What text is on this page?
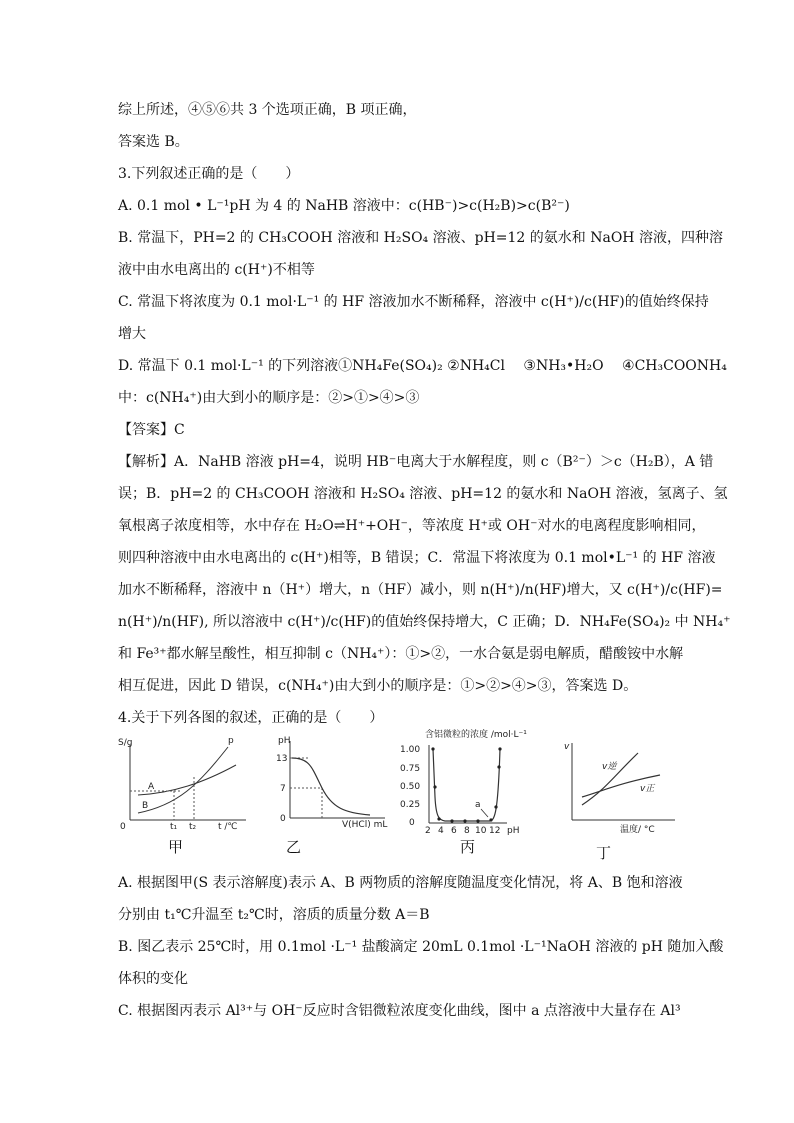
综上所述，④⑤⑥共 3 个选项正确，B 项正确，
答案选 B。
3.下列叙述正确的是（　　）
A. 0.1 mol • L⁻¹pH 为 4 的 NaHB 溶液中：c(HB⁻)>c(H₂B)>c(B²⁻)
B. 常温下，PH=2 的 CH₃COOH 溶液和 H₂SO₄ 溶液、pH=12 的氨水和 NaOH 溶液，四种溶
液中由水电离出的 c(H⁺)不相等
C. 常温下将浓度为 0.1 mol·L⁻¹ 的 HF 溶液加水不断稀释，溶液中 c(H⁺)/c(HF)的值始终保持
增大
D. 常温下 0.1 mol·L⁻¹ 的下列溶液①NH₄Fe(SO₄)₂ ②NH₄Cl　 ③NH₃•H₂O　 ④CH₃COONH₄
中：c(NH₄⁺)由大到小的顺序是：②>①>④>③
【答案】C
【解析】A．NaHB 溶液 pH=4，说明 HB⁻电离大于水解程度，则 c（B²⁻）＞c（H₂B），A 错
误；B．pH=2 的 CH₃COOH 溶液和 H₂SO₄ 溶液、pH=12 的氨水和 NaOH 溶液，氢离子、氢
氧根离子浓度相等，水中存在 H₂O⇌H⁺+OH⁻，等浓度 H⁺或 OH⁻对水的电离程度影响相同，
则四种溶液中由水电离出的 c(H⁺)相等，B 错误；C．常温下将浓度为 0.1 mol•L⁻¹ 的 HF 溶液
加水不断稀释，溶液中 n（H⁺）增大，n（HF）减小，则 n(H⁺)/n(HF)增大，又 c(H⁺)/c(HF)=
n(H⁺)/n(HF), 所以溶液中 c(H⁺)/c(HF)的值始终保持增大，C 正确；D．NH₄Fe(SO₄)₂ 中 NH₄⁺
和 Fe³⁺都水解呈酸性，相互抑制 c（NH₄⁺）：①>②，一水合氨是弱电解质，醋酸铵中水解
相互促进，因此 D 错误，c(NH₄⁺)由大到小的顺序是：①>②>④>③，答案选 D。
4.关于下列各图的叙述，正确的是（　　）
S/g	p
A
B
t₁ t₂ t /℃
0
甲
pH
13
7
0
V(HCl) mL
乙
含铝微粒的浓度 /mol·L⁻¹
1.00
0.75
0.50
0.25
0
2 4 6 8 10 12 pH
a
丙
v
v逆
v正
温度/ °C
丁
A. 根据图甲(S 表示溶解度)表示 A、B 两物质的溶解度随温度变化情况，将 A、B 饱和溶液
分别由 t₁℃升温至 t₂℃时，溶质的质量分数 A＝B
B. 图乙表示 25℃时，用 0.1mol ·L⁻¹ 盐酸滴定 20mL 0.1mol ·L⁻¹NaOH 溶液的 pH 随加入酸
体积的变化
C. 根据图丙表示 Al³⁺与 OH⁻反应时含铝微粒浓度变化曲线，图中 a 点溶液中大量存在 Al³
